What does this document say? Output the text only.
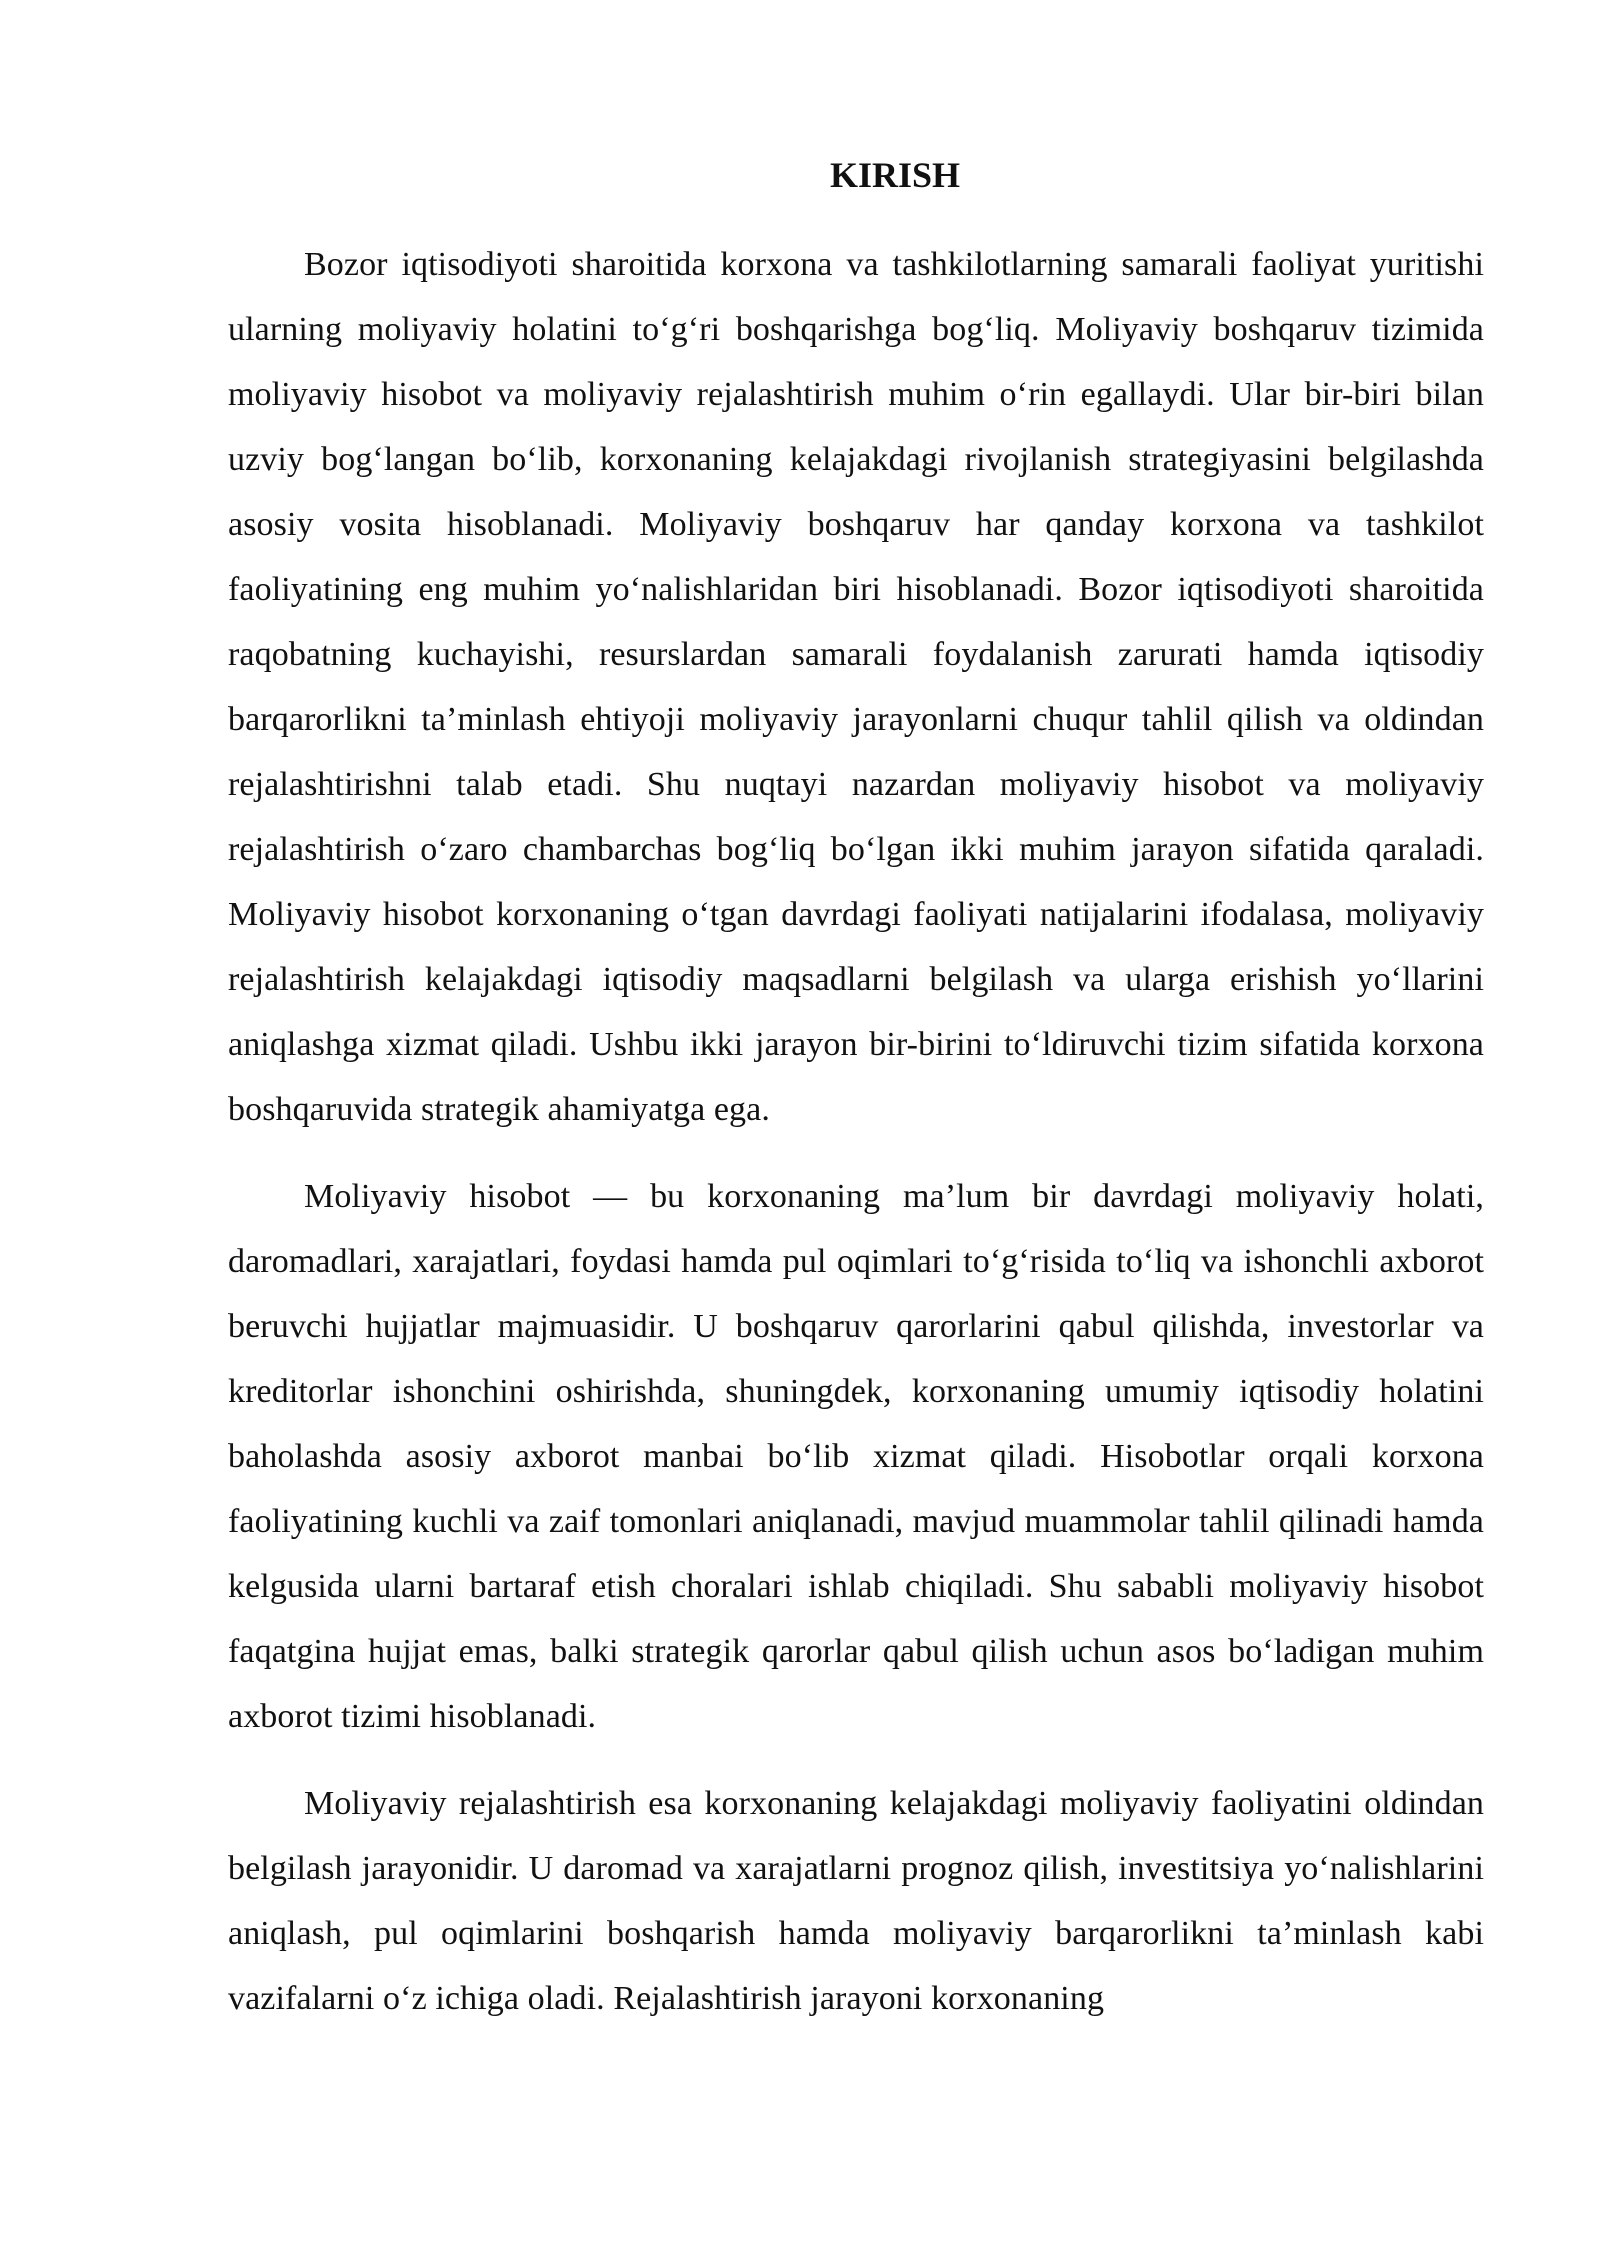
KIRISH

Bozor iqtisodiyoti sharoitida korxona va tashkilotlarning samarali faoliyat yuritishi ularning moliyaviy holatini to‘g‘ri boshqarishga bog‘liq. Moliyaviy boshqaruv tizimida moliyaviy hisobot va moliyaviy rejalashtirish muhim o‘rin egallaydi. Ular bir-biri bilan uzviy bog‘langan bo‘lib, korxonaning kelajakdagi rivojlanish strategiyasini belgilashda asosiy vosita hisoblanadi. Moliyaviy boshqaruv har qanday korxona va tashkilot faoliyatining eng muhim yo‘nalishlaridan biri hisoblanadi. Bozor iqtisodiyoti sharoitida raqobatning kuchayishi, resurslardan samarali foydalanish zarurati hamda iqtisodiy barqarorlikni ta’minlash ehtiyoji moliyaviy jarayonlarni chuqur tahlil qilish va oldindan rejalashtirishni talab etadi. Shu nuqtayi nazardan moliyaviy hisobot va moliyaviy rejalashtirish o‘zaro chambarchas bog‘liq bo‘lgan ikki muhim jarayon sifatida qaraladi. Moliyaviy hisobot korxonaning o‘tgan davrdagi faoliyati natijalarini ifodalasa, moliyaviy rejalashtirish kelajakdagi iqtisodiy maqsadlarni belgilash va ularga erishish yo‘llarini aniqlashga xizmat qiladi. Ushbu ikki jarayon bir-birini to‘ldiruvchi tizim sifatida korxona boshqaruvida strategik ahamiyatga ega.

Moliyaviy hisobot — bu korxonaning ma’lum bir davrdagi moliyaviy holati, daromadlari, xarajatlari, foydasi hamda pul oqimlari to‘g‘risida to‘liq va ishonchli axborot beruvchi hujjatlar majmuasidir. U boshqaruv qarorlarini qabul qilishda, investorlar va kreditorlar ishonchini oshirishda, shuningdek, korxonaning umumiy iqtisodiy holatini baholashda asosiy axborot manbai bo‘lib xizmat qiladi. Hisobotlar orqali korxona faoliyatining kuchli va zaif tomonlari aniqlanadi, mavjud muammolar tahlil qilinadi hamda kelgusida ularni bartaraf etish choralari ishlab chiqiladi. Shu sababli moliyaviy hisobot faqatgina hujjat emas, balki strategik qarorlar qabul qilish uchun asos bo‘ladigan muhim axborot tizimi hisoblanadi.

Moliyaviy rejalashtirish esa korxonaning kelajakdagi moliyaviy faoliyatini oldindan belgilash jarayonidir. U daromad va xarajatlarni prognoz qilish, investitsiya yo‘nalishlarini aniqlash, pul oqimlarini boshqarish hamda moliyaviy barqarorlikni ta’minlash kabi vazifalarni o‘z ichiga oladi. Rejalashtirish jarayoni korxonaning
